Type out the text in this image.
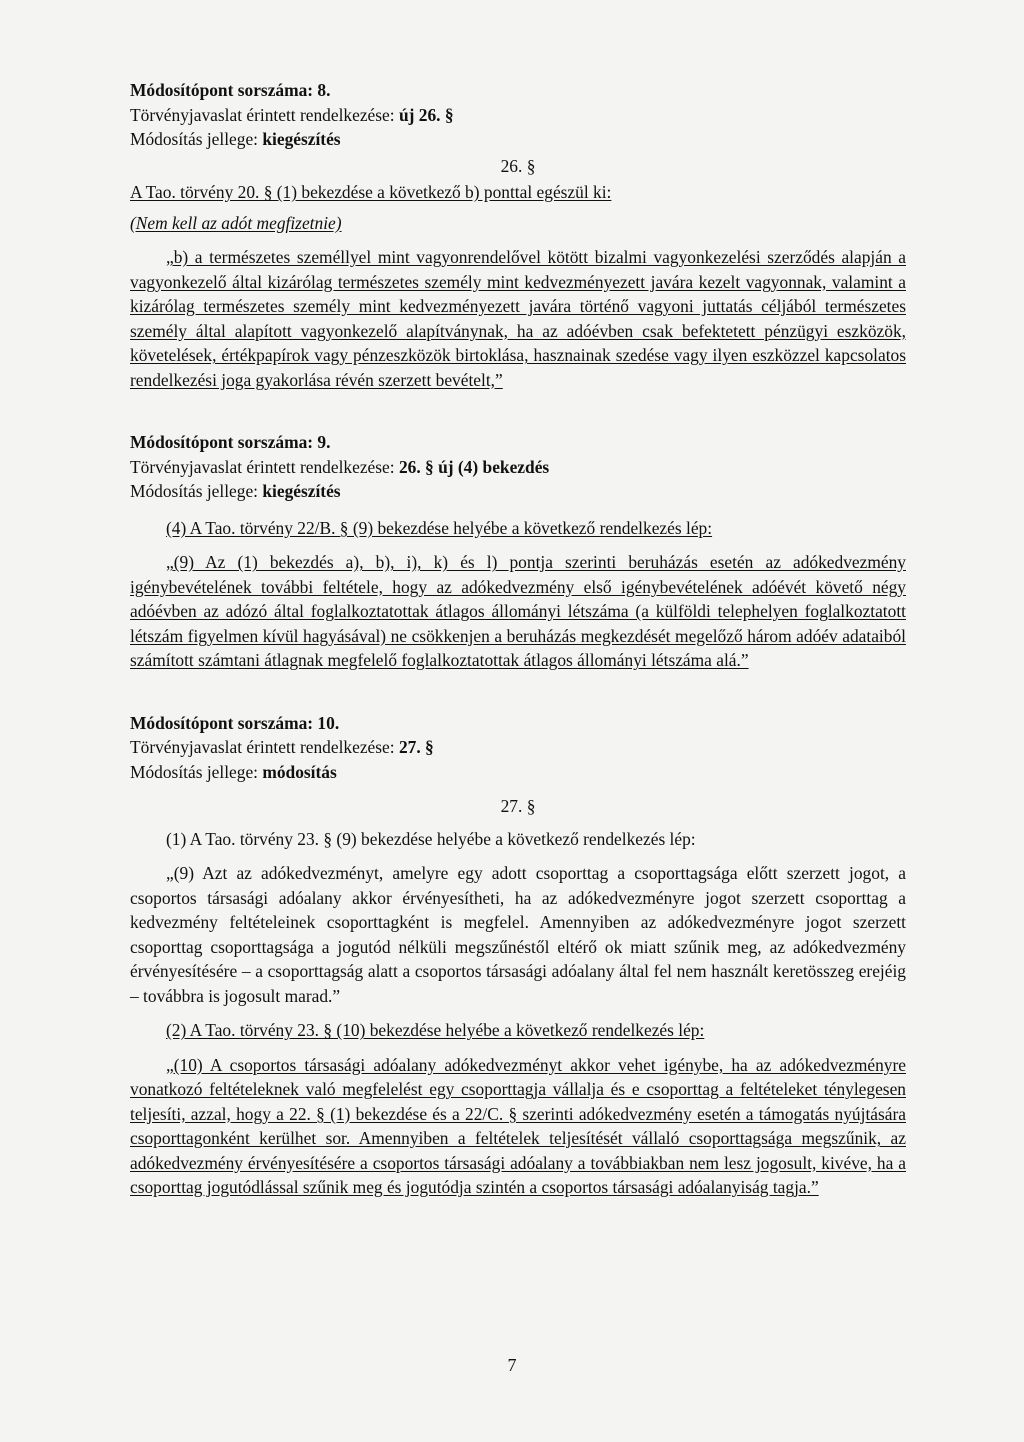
Módosítópont sorszáma: 8.

Törvényjavaslat érintett rendelkezése: új 26. §

Módosítás jellege: kiegészítés

26. §

A Tao. törvény 20. § (1) bekezdése a következő b) ponttal egészül ki:

(Nem kell az adót megfizetnie)

„b) a természetes személlyel mint vagyonrendelővel kötött bizalmi vagyonkezelési szerződés alapján a vagyonkezelő által kizárólag természetes személy mint kedvezményezett javára kezelt vagyonnak, valamint a kizárólag természetes személy mint kedvezményezett javára történő vagyoni juttatás céljából természetes személy által alapított vagyonkezelő alapítványnak, ha az adóévben csak befektetett pénzügyi eszközök, követelések, értékpapírok vagy pénzeszközök birtoklása, hasznainak szedése vagy ilyen eszközzel kapcsolatos rendelkezési joga gyakorlása révén szerzett bevételt,”

Módosítópont sorszáma: 9.

Törvényjavaslat érintett rendelkezése: 26. § új (4) bekezdés

Módosítás jellege: kiegészítés

(4) A Tao. törvény 22/B. § (9) bekezdése helyébe a következő rendelkezés lép:

„(9) Az (1) bekezdés a), b), i), k) és l) pontja szerinti beruházás esetén az adókedvezmény igénybevételének további feltétele, hogy az adókedvezmény első igénybevételének adóévét követő négy adóévben az adózó által foglalkoztatottak átlagos állományi létszáma (a külföldi telephelyen foglalkoztatott létszám figyelmen kívül hagyásával) ne csökkenjen a beruházás megkezdését megelőző három adóév adataiból számított számtani átlagnak megfelelő foglalkoztatottak átlagos állományi létszáma alá.”

Módosítópont sorszáma: 10.

Törvényjavaslat érintett rendelkezése: 27. §

Módosítás jellege: módosítás

27. §

(1) A Tao. törvény 23. § (9) bekezdése helyébe a következő rendelkezés lép:

„(9) Azt az adókedvezményt, amelyre egy adott csoporttag a csoporttagsága előtt szerzett jogot, a csoportos társasági adóalany akkor érvényesítheti, ha az adókedvezményre jogot szerzett csoporttag a kedvezmény feltételeinek csoporttagként is megfelel. Amennyiben az adókedvezményre jogot szerzett csoporttag csoporttagsága a jogutód nélküli megszűnéstől eltérő ok miatt szűnik meg, az adókedvezmény érvényesítésére – a csoporttagság alatt a csoportos társasági adóalany által fel nem használt keretösszeg erejéig – továbbra is jogosult marad.”

(2) A Tao. törvény 23. § (10) bekezdése helyébe a következő rendelkezés lép:

„(10) A csoportos társasági adóalany adókedvezményt akkor vehet igénybe, ha az adókedvezményre vonatkozó feltételeknek való megfelelést egy csoporttagja vállalja és e csoporttag a feltételeket ténylegesen teljesíti, azzal, hogy a 22. § (1) bekezdése és a 22/C. § szerinti adókedvezmény esetén a támogatás nyújtására csoporttagonként kerülhet sor. Amennyiben a feltételek teljesítését vállaló csoporttagsága megszűnik, az adókedvezmény érvényesítésére a csoportos társasági adóalany a továbbiakban nem lesz jogosult, kivéve, ha a csoporttag jogutódlással szűnik meg és jogutódja szintén a csoportos társasági adóalanyiság tagja.”

7
